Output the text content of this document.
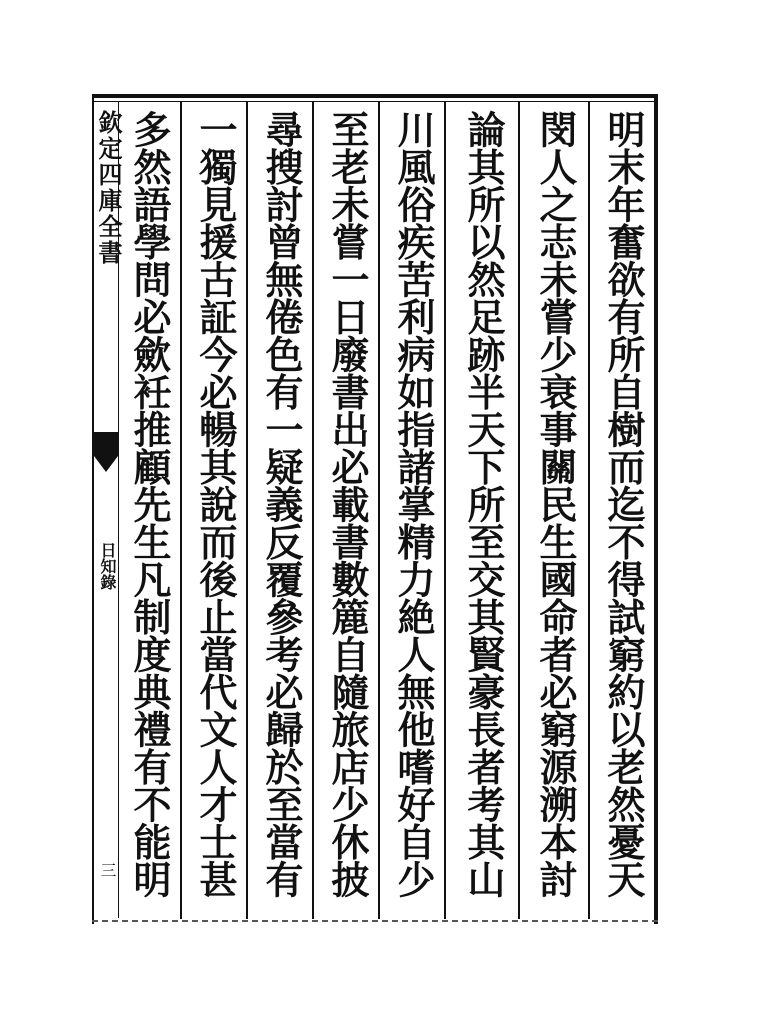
欽定四庫全書
日知錄
三	明末年奮欲有所自樹而迄不得試窮約以老然憂天
閔人之志未嘗少衰事關民生國命者必窮源溯本討
論其所以然足跡半天下所至交其賢豪長者考其山
川風俗疾苦利病如指諸掌精力絶人無他嗜好自少
至老未嘗一日廢書出必載書數簏自隨旅店少休披
尋搜討曾無倦色有一疑義反覆參考必歸於至當有
一獨見援古証今必暢其說而後止當代文人才士甚
多然語學問必歛衽推顧先生凡制度典禮有不能明
